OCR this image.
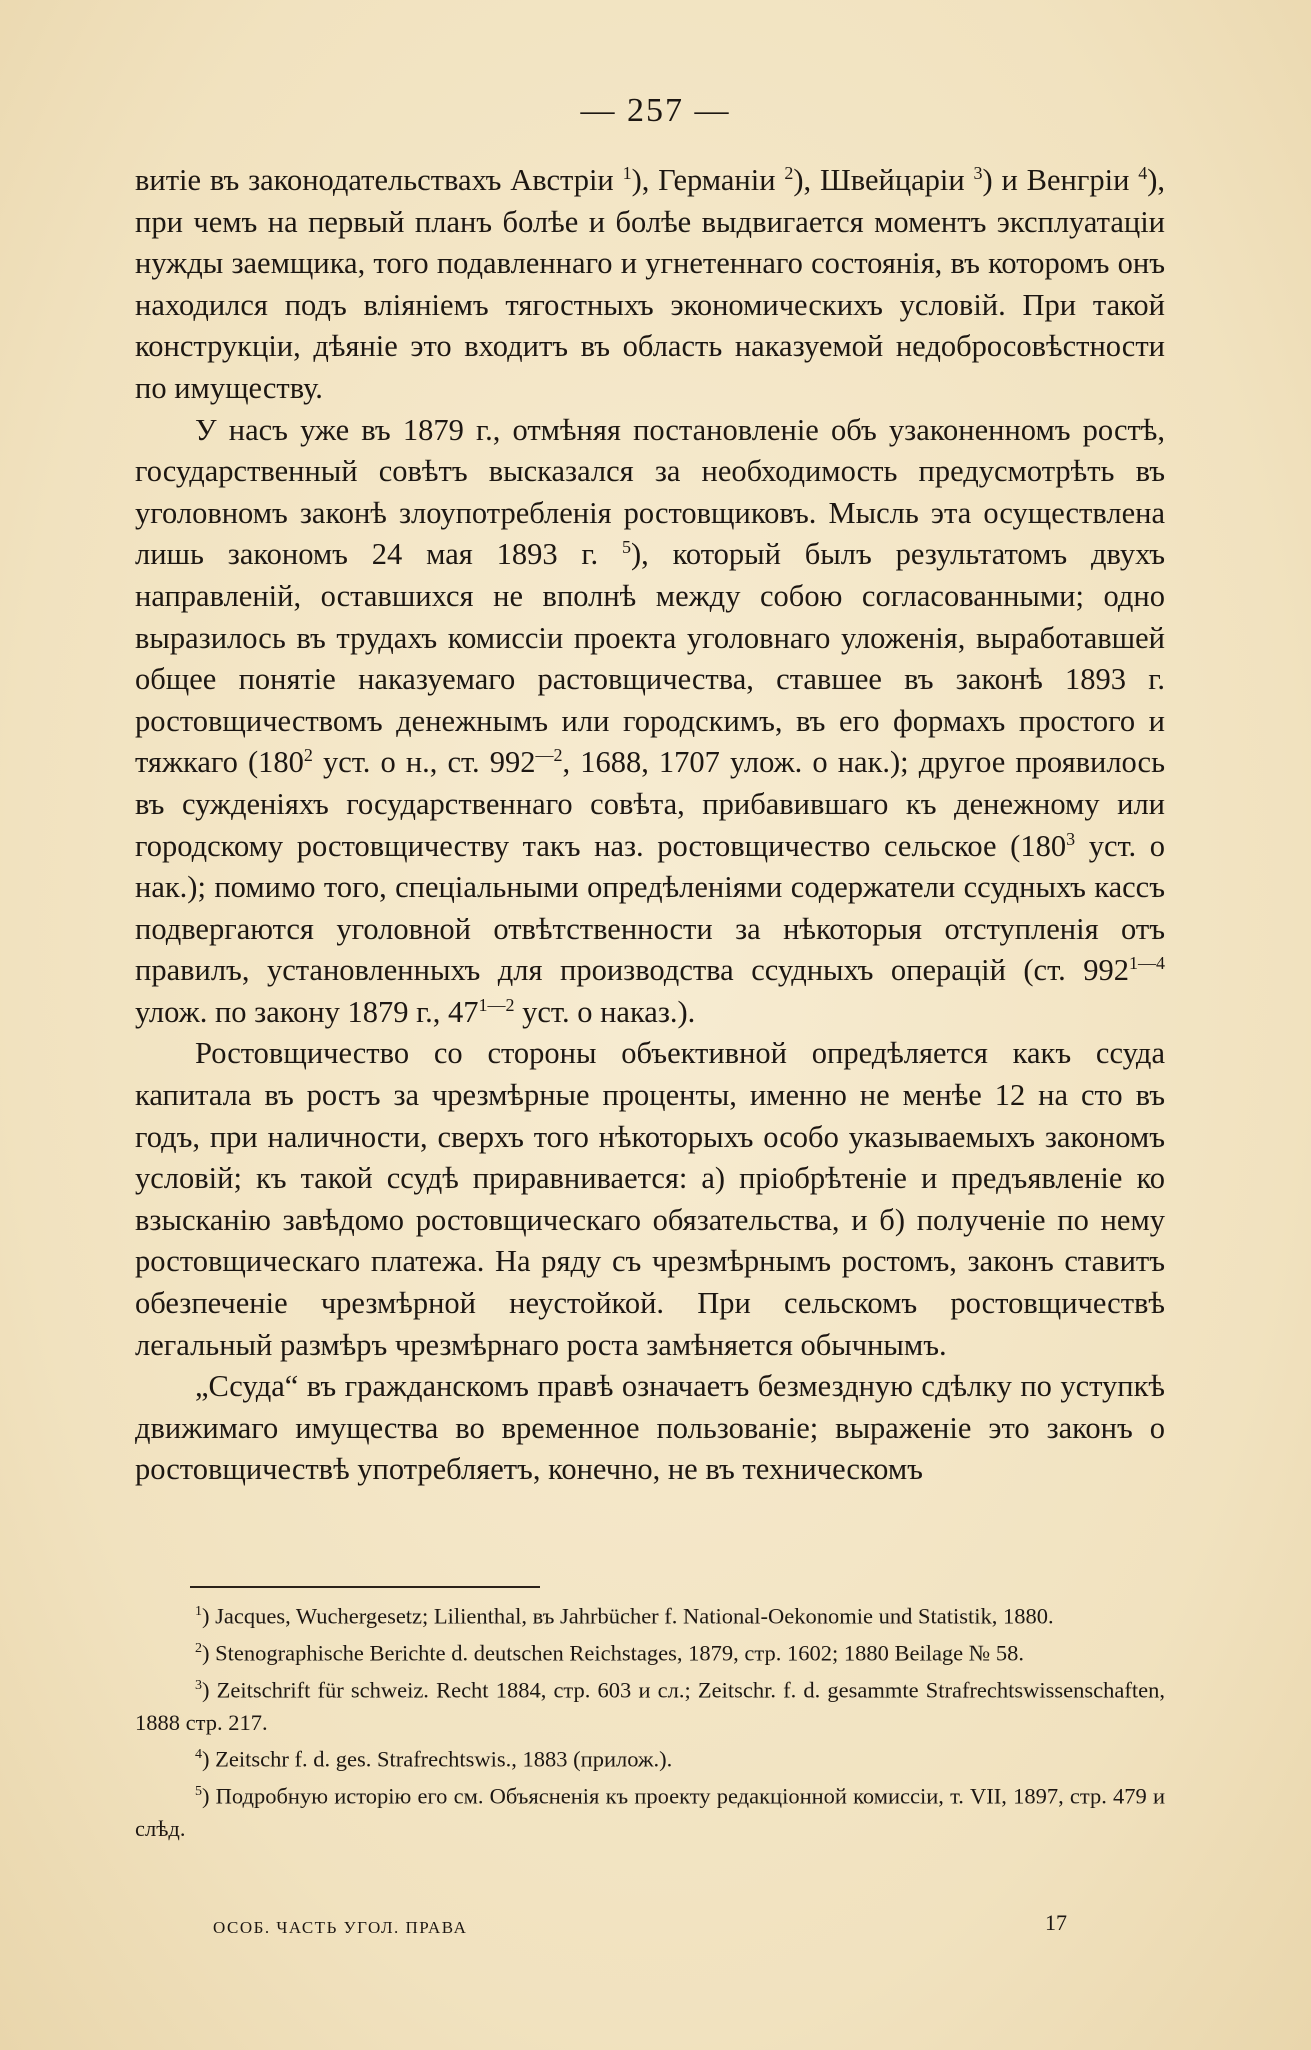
— 257 —

витіе въ законодательствахъ Австріи $^1$), Германіи $^2$), Швейцаріи $^3$) и Венгріи $^4$), при чемъ на первый планъ болѣе и болѣе выдвигается моментъ эксплуатаціи нужды заемщика, того подавленнаго и угнетеннаго состоянія, въ которомъ онъ находился подъ вліяніемъ тягостныхъ экономическихъ условій. При такой конструкціи, дѣяніе это входитъ въ область наказуемой недобросовѣстности по имуществу.

У насъ уже въ 1879 г., отмѣняя постановленіе объ узаконенномъ ростѣ, государственный совѣтъ высказался за необходимость предусмотрѣть въ уголовномъ законѣ злоупотребленія ростовщиковъ. Мысль эта осуществлена лишь закономъ 24 мая 1893 г. $^5$), который былъ результатомъ двухъ направленій, оставшихся не вполнѣ между собою согласованными; одно выразилось въ трудахъ комиссіи проекта уголовнаго уложенія, выработавшей общее понятіе наказуемаго растовщичества, ставшее въ законѣ 1893 г. ростовщичествомъ денежнымъ или городскимъ, въ его формахъ простого и тяжкаго (180$^2$ уст. о н., ст. 992$^{—2}$, 1688, 1707 улож. о нак.); другое проявилось въ сужденіяхъ государственнаго совѣта, прибавившаго къ денежному или городскому ростовщичеству такъ наз. ростовщичество сельское (180$^3$ уст. о нак.); помимо того, спеціальными опредѣленіями содержатели ссудныхъ кассъ подвергаются уголовной отвѣтственности за нѣкоторыя отступленія отъ правилъ, установленныхъ для производства ссудныхъ операцій (ст. 992$^{1—4}$ улож. по закону 1879 г., 47$^{1—2}$ уст. о наказ.).

Ростовщичество со стороны объективной опредѣляется какъ ссуда капитала въ ростъ за чрезмѣрные проценты, именно не менѣе 12 на сто въ годъ, при наличности, сверхъ того нѣкоторыхъ особо указываемыхъ закономъ условій; къ такой ссудѣ приравнивается: а) пріобрѣтеніе и предъявленіе ко взысканію завѣдомо ростовщическаго обязательства, и б) полученіе по нему ростовщическаго платежа. На ряду съ чрезмѣрнымъ ростомъ, законъ ставитъ обезпеченіе чрезмѣрной неустойкой. При сельскомъ ростовщичествѣ легальный размѣръ чрезмѣрнаго роста замѣняется обычнымъ.

„Ссуда“ въ гражданскомъ правѣ означаетъ безмездную сдѣлку по уступкѣ движимаго имущества во временное пользованіе; выраженіе это законъ о ростовщичествѣ употребляетъ, конечно, не въ техническомъ

$^1$) Jacques, Wuchergesetz; Lilienthal, въ Jahrbücher f. National-Oekonomie und Statistik, 1880.

$^2$) Stenographische Berichte d. deutschen Reichstages, 1879, стр. 1602; 1880 Beilage № 58.

$^3$) Zeitschrift für schweiz. Recht 1884, стр. 603 и сл.; Zeitschr. f. d. gesammte Strafrechtswissenschaften, 1888 стр. 217.

$^4$) Zeitschr f. d. ges. Strafrechtswis., 1883 (прилож.).

$^5$) Подробную исторію его см. Объясненія къ проекту редакціонной комиссіи, т. VII, 1897, стр. 479 и слѣд.

ОСОБ. ЧАСТЬ УГОЛ. ПРАВА	17
